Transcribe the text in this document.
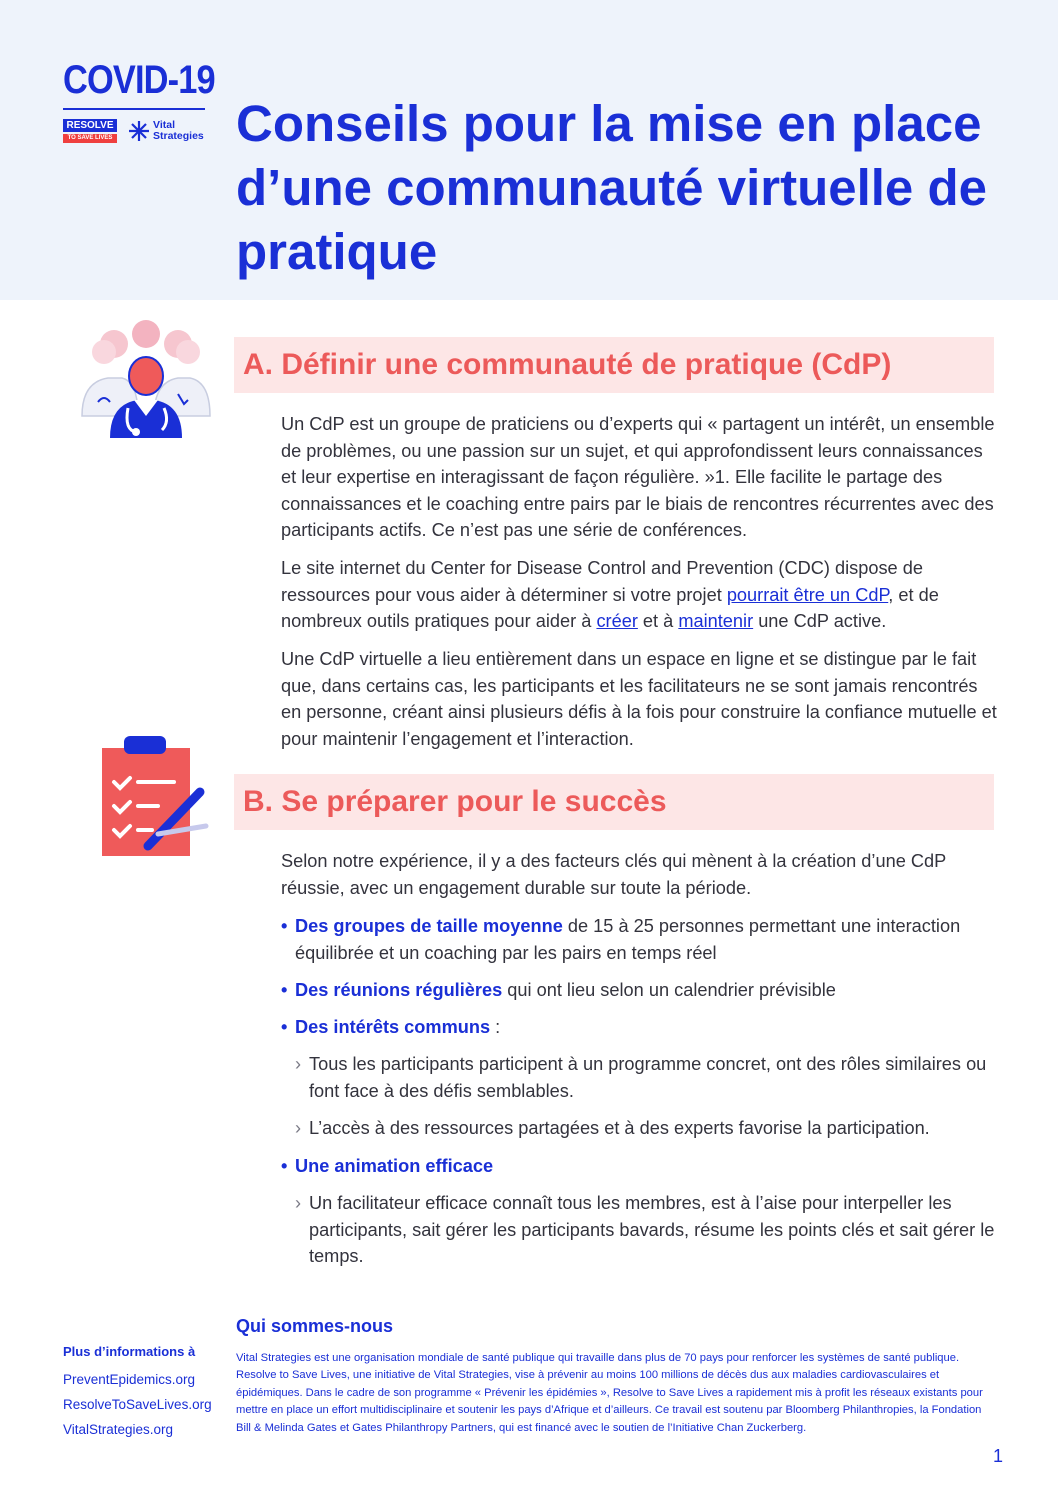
COVID-19
RESOLVE
TO SAVE LIVES
Vital
Strategies Conseils pour la mise en place d’une communauté virtuelle de pratique
A. Définir une communauté de pratique (CdP)

Un CdP est un groupe de praticiens ou d’experts qui « partagent un intérêt, un ensemble de problèmes, ou une passion sur un sujet, et qui approfondissent leurs connaissances et leur expertise en interagissant de façon régulière. »1. Elle facilite le partage des connaissances et le coaching entre pairs par le biais de rencontres récurrentes avec des participants actifs. Ce n’est pas une série de conférences.

Le site internet du Center for Disease Control and Prevention (CDC) dispose de ressources pour vous aider à déterminer si votre projet pourrait être un CdP, et de nombreux outils pratiques pour aider à créer et à maintenir une CdP active.

Une CdP virtuelle a lieu entièrement dans un espace en ligne et se distingue par le fait que, dans certains cas, les participants et les facilitateurs ne se sont jamais rencontrés en personne, créant ainsi plusieurs défis à la fois pour construire la confiance mutuelle et pour maintenir l’engagement et l’interaction.

B. Se préparer pour le succès

Selon notre expérience, il y a des facteurs clés qui mènent à la création d’une CdP réussie, avec un engagement durable sur toute la période.

• Des groupes de taille moyenne de 15 à 25 personnes permettant une interaction équilibrée et un coaching par les pairs en temps réel

• Des réunions régulières qui ont lieu selon un calendrier prévisible

• Des intérêts communs :

› Tous les participants participent à un programme concret, ont des rôles similaires ou font face à des défis semblables.

› L’accès à des ressources partagées et à des experts favorise la participation.

• Une animation efficace

› Un facilitateur efficace connaît tous les membres, est à l’aise pour interpeller les participants, sait gérer les participants bavards, résume les points clés et sait gérer le temps.

Plus d’informations à
PreventEpidemics.org
ResolveToSaveLives.org
VitalStrategies.org
Qui sommes-nous

Vital Strategies est une organisation mondiale de santé publique qui travaille dans plus de 70 pays pour renforcer les systèmes de santé publique. Resolve to Save Lives, une initiative de Vital Strategies, vise à prévenir au moins 100 millions de décès dus aux maladies cardiovasculaires et épidémiques. Dans le cadre de son programme « Prévenir les épidémies », Resolve to Save Lives a rapidement mis à profit les réseaux existants pour mettre en place un effort multidisciplinaire et soutenir les pays d’Afrique et d’ailleurs. Ce travail est soutenu par Bloomberg Philanthropies, la Fondation Bill & Melinda Gates et Gates Philanthropy Partners, qui est financé avec le soutien de l’Initiative Chan Zuckerberg.

1
